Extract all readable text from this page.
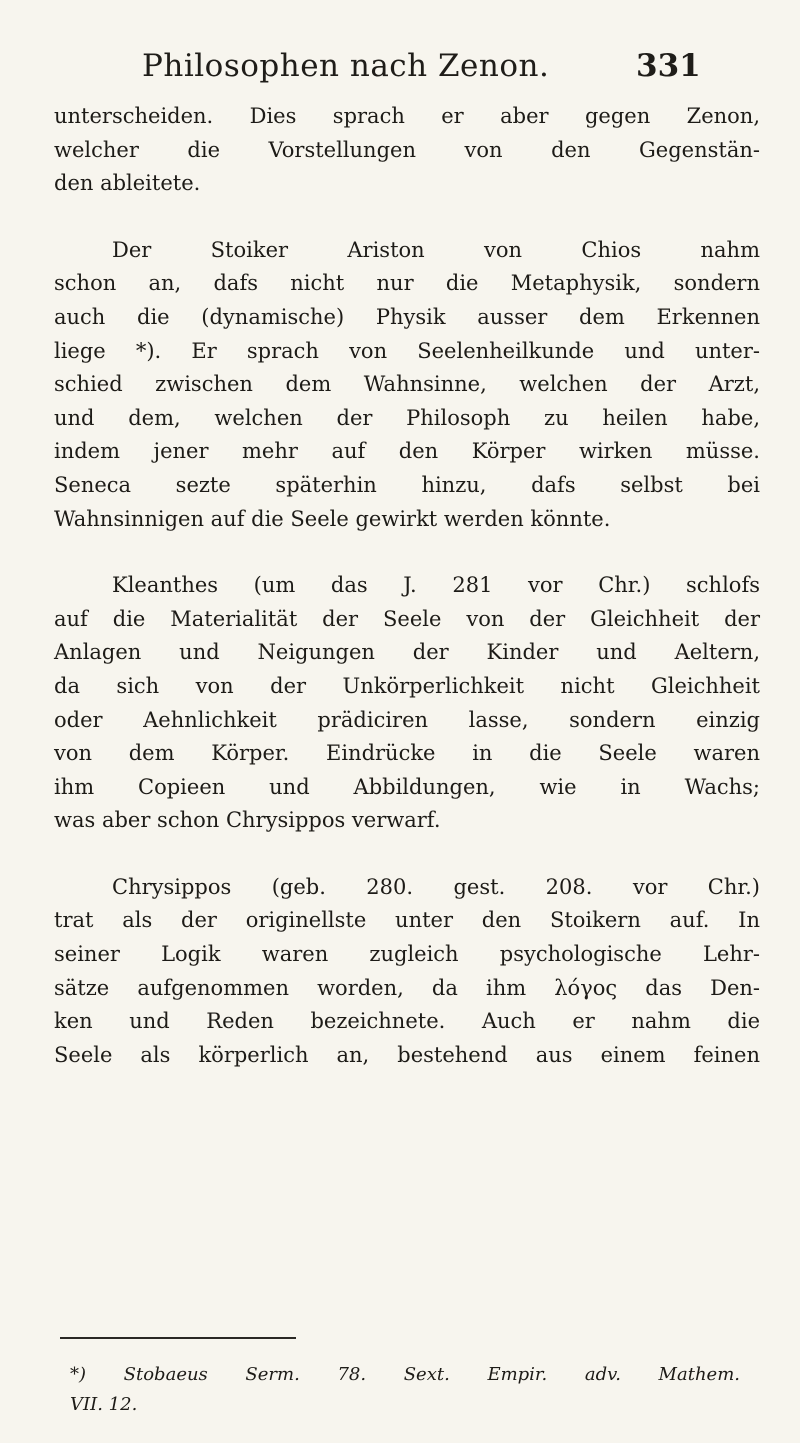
Philosophen nach Zenon.	331
unterscheiden. Dies sprach er aber gegen Zenon,
welcher die Vorstellungen von den Gegenstän-
den ableitete.
Der Stoiker Ariston von Chios nahm
schon an, dafs nicht nur die Metaphysik, sondern
auch die (dynamische) Physik ausser dem Erkennen
liege *). Er sprach von Seelenheilkunde und unter-
schied zwischen dem Wahnsinne, welchen der Arzt,
und dem, welchen der Philosoph zu heilen habe,
indem jener mehr auf den Körper wirken müsse.
Seneca sezte späterhin hinzu, dafs selbst bei
Wahnsinnigen auf die Seele gewirkt werden könnte.
Kleanthes (um das J. 281 vor Chr.) schlofs
auf die Materialität der Seele von der Gleichheit der
Anlagen und Neigungen der Kinder und Aeltern,
da sich von der Unkörperlichkeit nicht Gleichheit
oder Aehnlichkeit prädiciren lasse, sondern einzig
von dem Körper. Eindrücke in die Seele waren
ihm Copieen und Abbildungen, wie in Wachs;
was aber schon Chrysippos verwarf.
Chrysippos (geb. 280. gest. 208. vor Chr.)
trat als der originellste unter den Stoikern auf. In
seiner Logik waren zugleich psychologische Lehr-
sätze aufgenommen worden, da ihm λόγος das Den-
ken und Reden bezeichnete. Auch er nahm die
Seele als körperlich an, bestehend aus einem feinen
*) Stobaeus Serm. 78. Sext. Empir. adv. Mathem.
VII. 12.
